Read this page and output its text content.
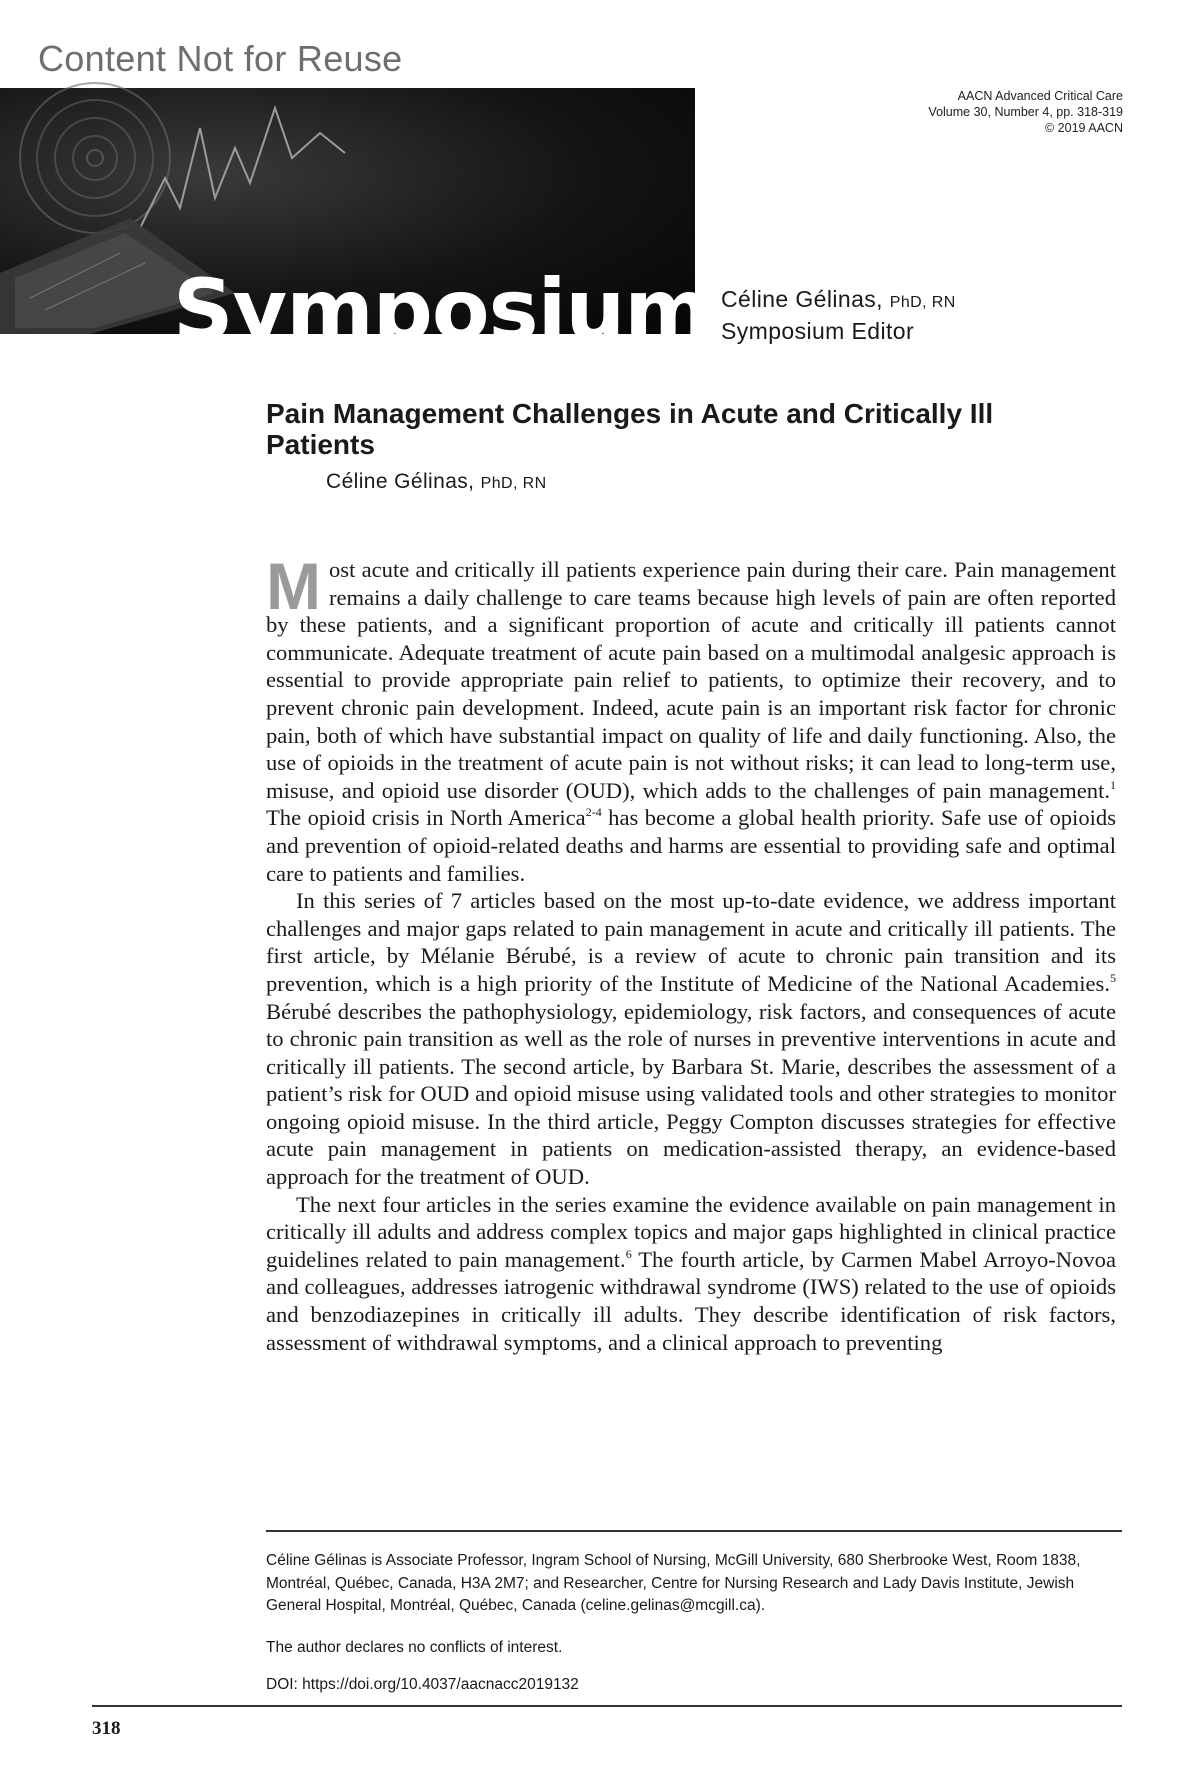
Content Not for Reuse
Symposium
Introduction
AACN Advanced Critical Care
Volume 30, Number 4, pp. 318-319
© 2019 AACN
Céline Gélinas, PhD, RN
Symposium Editor
Pain Management Challenges in Acute and Critically Ill Patients
Céline Gélinas, PhD, RN

Most acute and critically ill patients experience pain during their care. Pain management remains a daily challenge to care teams because high levels of pain are often reported by these patients, and a significant proportion of acute and critically ill patients cannot communicate. Adequate treatment of acute pain based on a multimodal analgesic approach is essential to provide appropriate pain relief to patients, to optimize their recovery, and to prevent chronic pain development. Indeed, acute pain is an important risk factor for chronic pain, both of which have substantial impact on quality of life and daily functioning. Also, the use of opioids in the treatment of acute pain is not without risks; it can lead to long-term use, misuse, and opioid use disorder (OUD), which adds to the challenges of pain management.$^1$ The opioid crisis in North America$^{2-4}$ has become a global health priority. Safe use of opioids and prevention of opioid-related deaths and harms are essential to providing safe and optimal care to patients and families.

In this series of 7 articles based on the most up-to-date evidence, we address important challenges and major gaps related to pain management in acute and critically ill patients. The first article, by Mélanie Bérubé, is a review of acute to chronic pain transition and its prevention, which is a high priority of the Institute of Medicine of the National Academies.$^5$ Bérubé describes the pathophysiology, epidemiology, risk factors, and consequences of acute to chronic pain transition as well as the role of nurses in preventive interventions in acute and critically ill patients. The second article, by Barbara St. Marie, describes the assessment of a patient’s risk for OUD and opioid misuse using validated tools and other strategies to monitor ongoing opioid misuse. In the third article, Peggy Compton discusses strategies for effective acute pain management in patients on medication-assisted therapy, an evidence-based approach for the treatment of OUD.

The next four articles in the series examine the evidence available on pain management in critically ill adults and address complex topics and major gaps highlighted in clinical practice guidelines related to pain management.$^6$ The fourth article, by Carmen Mabel Arroyo-Novoa and colleagues, addresses iatrogenic withdrawal syndrome (IWS) related to the use of opioids and benzodiazepines in critically ill adults. They describe identification of risk factors, assessment of withdrawal symptoms, and a clinical approach to preventing

Céline Gélinas is Associate Professor, Ingram School of Nursing, McGill University, 680 Sherbrooke West, Room 1838, Montréal, Québec, Canada, H3A 2M7; and Researcher, Centre for Nursing Research and Lady Davis Institute, Jewish General Hospital, Montréal, Québec, Canada (celine.gelinas@mcgill.ca).
The author declares no conflicts of interest.
DOI: https://doi.org/10.4037/aacnacc2019132
318
